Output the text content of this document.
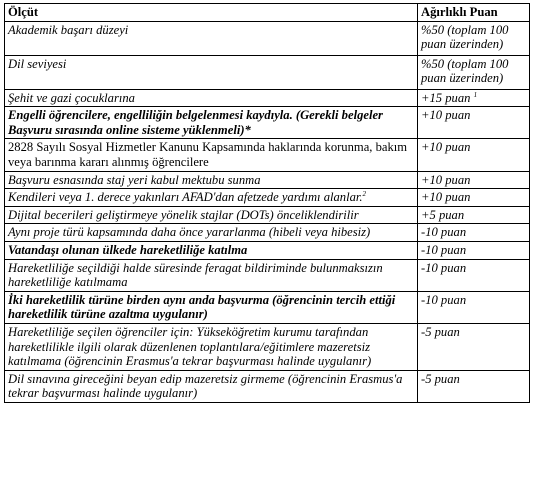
Ölçüt	Ağırlıklı Puan
Akademik başarı düzeyi	%50 (toplam 100 puan üzerinden)
Dil seviyesi	%50 (toplam 100 puan üzerinden)
Şehit ve gazi çocuklarına	+15 puan $^1$
Engelli öğrencilere, engelliliğin belgelenmesi kaydıyla. (Gerekli belgeler Başvuru sırasında online sisteme yüklenmeli)*	+10 puan
2828 Sayılı Sosyal Hizmetler Kanunu Kapsamında haklarında korunma, bakım veya barınma kararı alınmış öğrencilere	+10 puan
Başvuru esnasında staj yeri kabul mektubu sunma	+10 puan
Kendileri veya 1. derece yakınları AFAD'dan afetzede yardımı alanlar.$^2$	+10 puan
Dijital becerileri geliştirmeye yönelik stajlar (DOTs) önceliklendirilir	+5 puan
Aynı proje türü kapsamında daha önce yararlanma (hibeli veya hibesiz)	-10 puan
Vatandaşı olunan ülkede hareketliliğe katılma	-10 puan
Hareketliliğe seçildiği halde süresinde feragat bildiriminde bulunmaksızın hareketliliğe katılmama	-10 puan
İki hareketlilik türüne birden aynı anda başvurma (öğrencinin tercih ettiği hareketlilik türüne azaltma uygulanır)	-10 puan
Hareketliliğe seçilen öğrenciler için: Yükseköğretim kurumu tarafından hareketlilikle ilgili olarak düzenlenen toplantılara/eğitimlere mazeretsiz katılmama (öğrencinin Erasmus'a tekrar başvurması halinde uygulanır)	-5 puan
Dil sınavına gireceğini beyan edip mazeretsiz girmeme (öğrencinin Erasmus'a tekrar başvurması halinde uygulanır)	-5 puan
